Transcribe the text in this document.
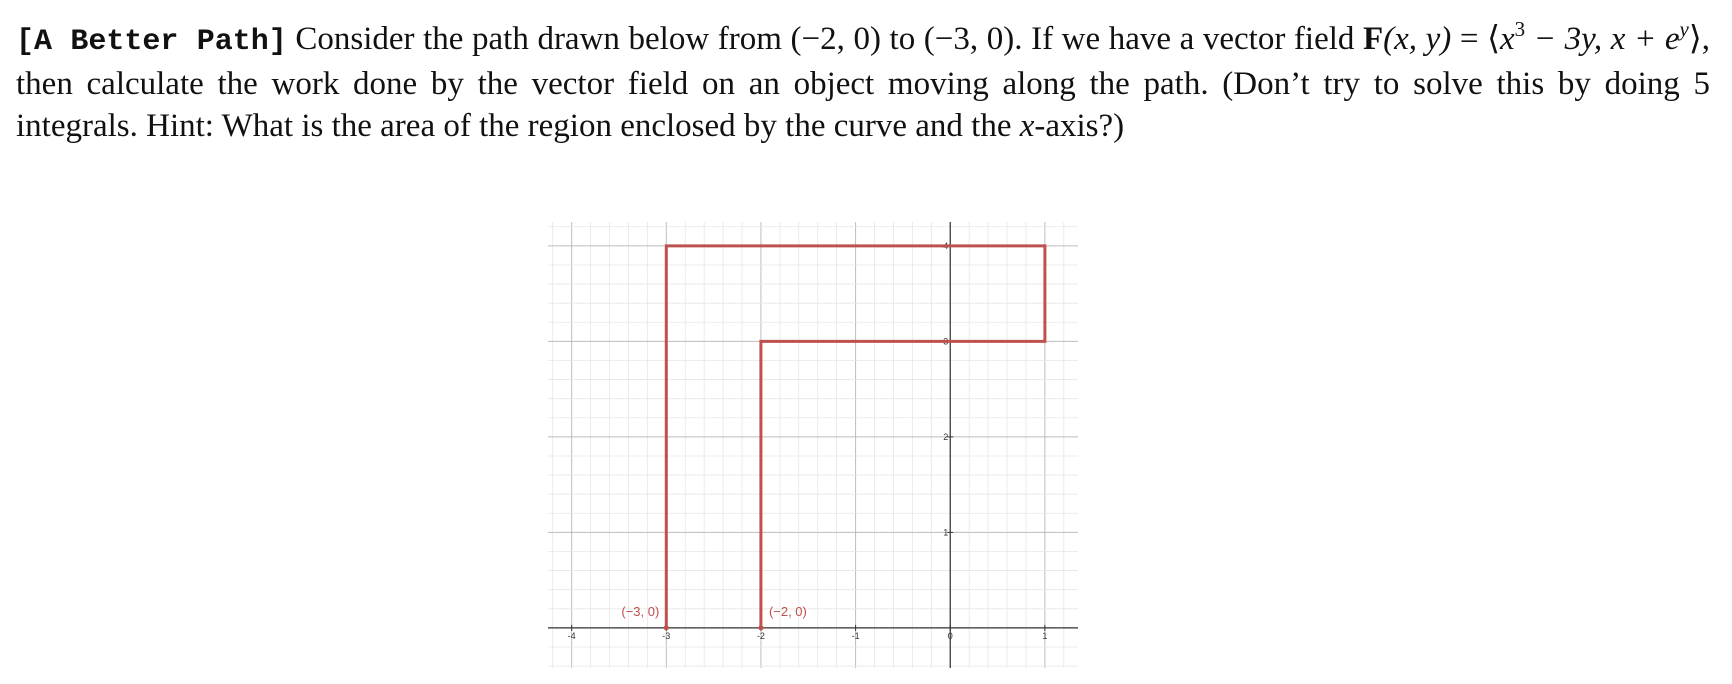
[A Better Path] Consider the path drawn below from (−2, 0) to (−3, 0). If we have a vector field F(x, $y) = ⟨x^3 - 3y$, $x + e^y⟩$, then calculate the work done by the vector field on an object moving along the path. (Don’t try to solve this by doing 5 integrals. Hint: What is the area of the region enclosed by the curve and the x-axis?)
-4	-3	-2	-1	0	1
1
2
3
4
(−2, 0)
(−3, 0)
